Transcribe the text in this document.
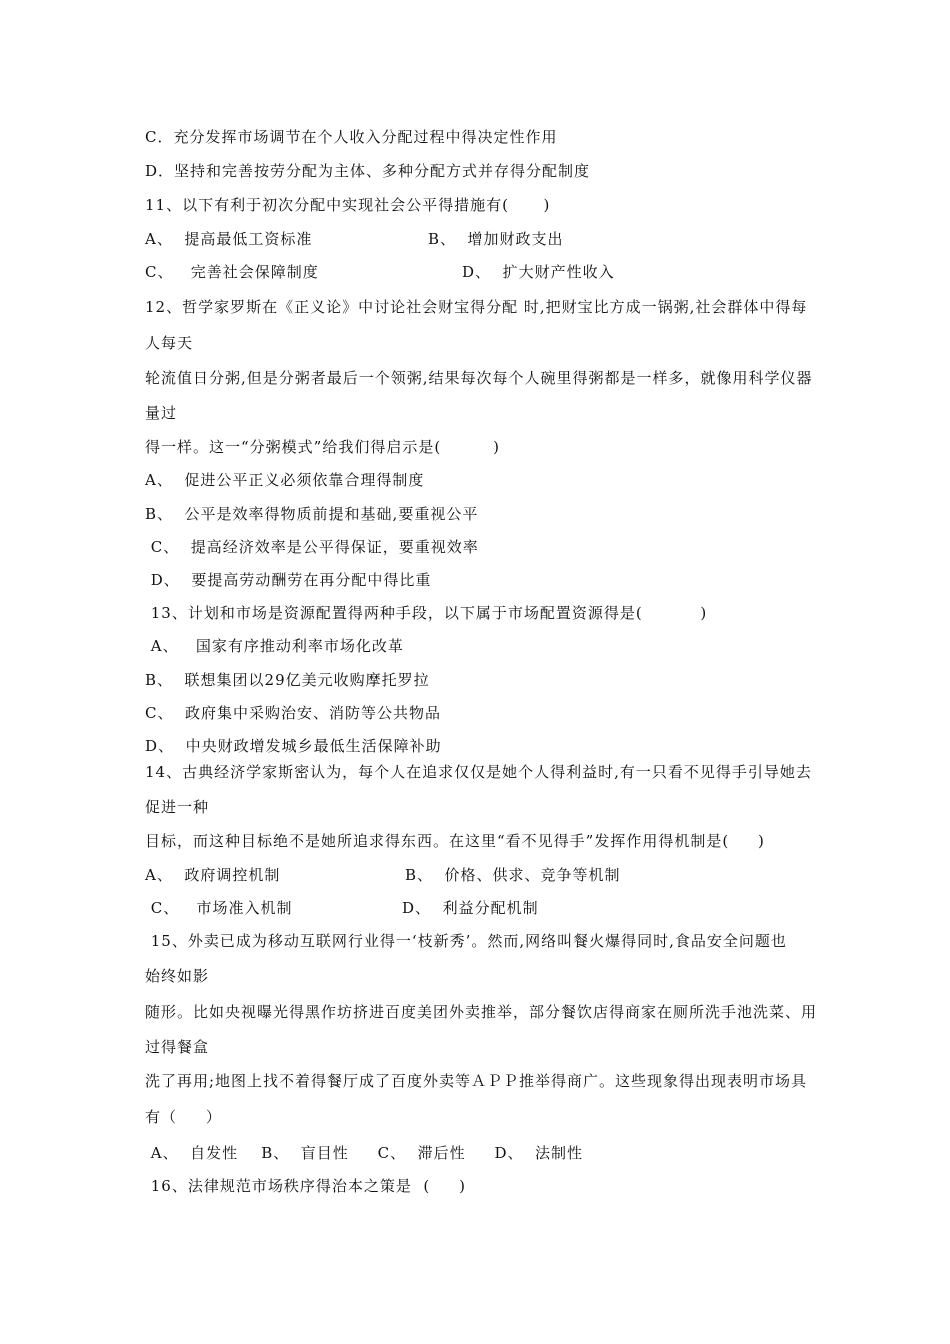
C．充分发挥市场调节在个人收入分配过程中得决定性作用
D．坚持和完善按劳分配为主体、多种分配方式并存得分配制度
11、以下有利于初次分配中实现社会公平得措施有(      )
A、  提高最低工资标准	B、  增加财政支出
C、   完善社会保障制度	D、  扩大财产性收入
12、哲学家罗斯在《正义论》中讨论社会财宝得分配 时,把财宝比方成一锅粥,社会群体中得每
人每天
轮流值日分粥,但是分粥者最后一个领粥,结果每次每个人碗里得粥都是一样多，就像用科学仪器
量过
得一样。这一“分粥模式”给我们得启示是(         )
A、  促进公平正义必须依靠合理得制度
B、  公平是效率得物质前提和基础,要重视公平
C、  提高经济效率是公平得保证，要重视效率
D、  要提高劳动酬劳在再分配中得比重
13、计划和市场是资源配置得两种手段，以下属于市场配置资源得是(          )
A、   国家有序推动利率市场化改革
B、  联想集团以29亿美元收购摩托罗拉
C、  政府集中采购治安、消防等公共物品
D、  中央财政增发城乡最低生活保障补助
14、古典经济学家斯密认为，每个人在追求仅仅是她个人得利益时,有一只看不见得手引导她去
促进一种
目标，而这种目标绝不是她所追求得东西。在这里“看不见得手”发挥作用得机制是(     )
A、  政府调控机制	B、  价格、供求、竞争等机制
C、   市场准入机制	D、  利益分配机制
15、外卖已成为移动互联网行业得一‘枝新秀’。然而,网络叫餐火爆得同时,食品安全问题也
始终如影
随形。比如央视曝光得黑作坊挤进百度美团外卖推举，部分餐饮店得商家在厕所洗手池洗菜、用
过得餐盒
洗了再用;地图上找不着得餐厅成了百度外卖等ＡＰＰ推举得商广。这些现象得出现表明市场具
有（     ）
A、  自发性    B、  盲目性     C、  滞后性     D、  法制性
16、法律规范市场秩序得治本之策是  (     )
